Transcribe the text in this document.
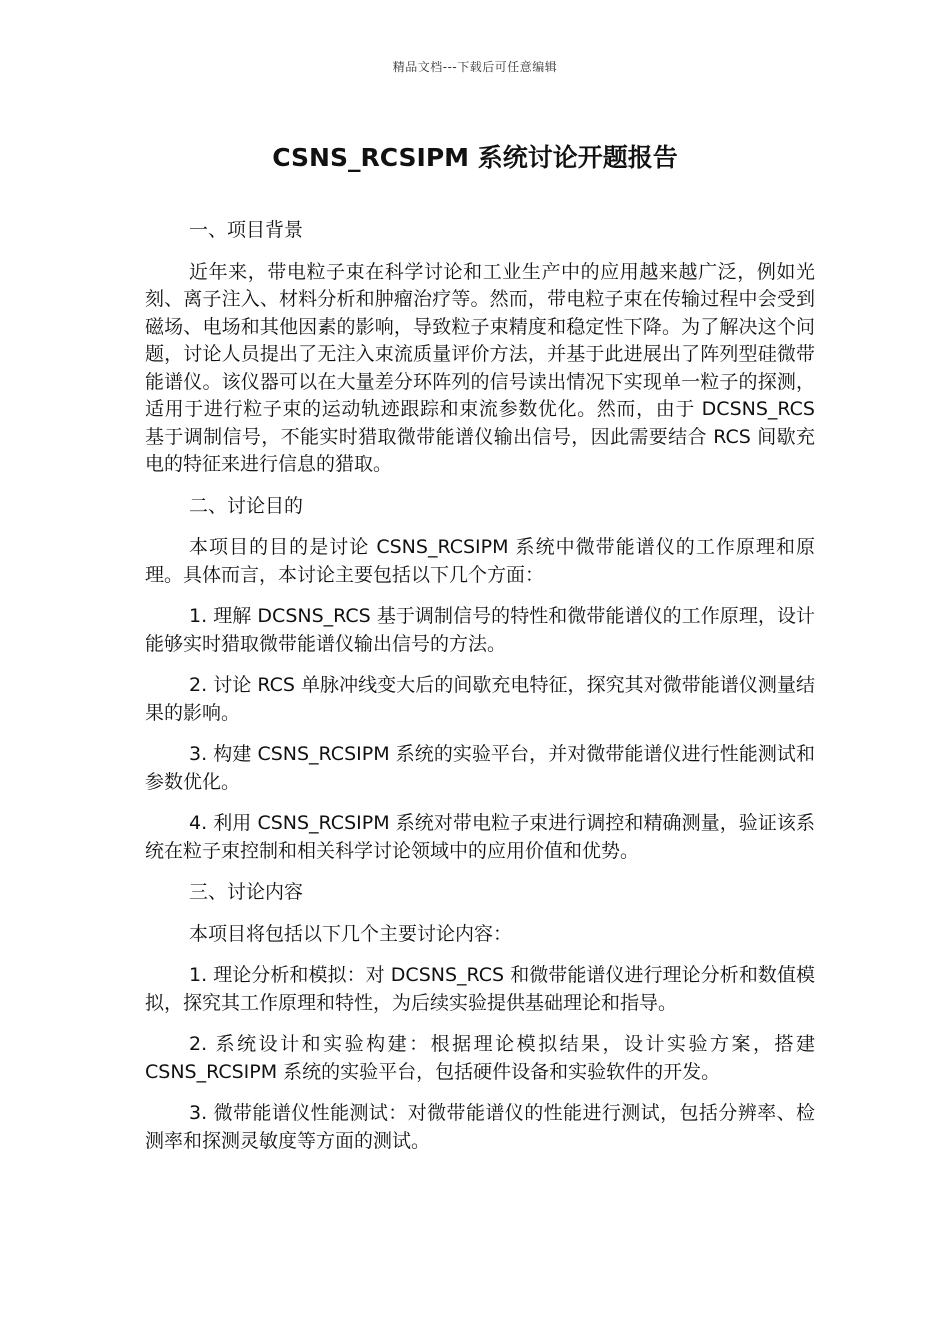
精品文档---下载后可任意编辑
CSNS_RCSIPM 系统讨论开题报告

一、项目背景

近年来，带电粒子束在科学讨论和工业生产中的应用越来越广泛，例如光刻、离子注入、材料分析和肿瘤治疗等。然而，带电粒子束在传输过程中会受到磁场、电场和其他因素的影响，导致粒子束精度和稳定性下降。为了解决这个问题，讨论人员提出了无注入束流质量评价方法，并基于此进展出了阵列型硅微带能谱仪。该仪器可以在大量差分环阵列的信号读出情况下实现单一粒子的探测，适用于进行粒子束的运动轨迹跟踪和束流参数优化。然而，由于 DCSNS_RCS 基于调制信号，不能实时猎取微带能谱仪输出信号，因此需要结合 RCS 间歇充电的特征来进行信息的猎取。

二、讨论目的

本项目的目的是讨论 CSNS_RCSIPM 系统中微带能谱仪的工作原理和原理。具体而言，本讨论主要包括以下几个方面：

1. 理解 DCSNS_RCS 基于调制信号的特性和微带能谱仪的工作原理，设计能够实时猎取微带能谱仪输出信号的方法。

2. 讨论 RCS 单脉冲线变大后的间歇充电特征，探究其对微带能谱仪测量结果的影响。

3. 构建 CSNS_RCSIPM 系统的实验平台，并对微带能谱仪进行性能测试和参数优化。

4. 利用 CSNS_RCSIPM 系统对带电粒子束进行调控和精确测量，验证该系统在粒子束控制和相关科学讨论领域中的应用价值和优势。

三、讨论内容

本项目将包括以下几个主要讨论内容：

1. 理论分析和模拟：对 DCSNS_RCS 和微带能谱仪进行理论分析和数值模拟，探究其工作原理和特性，为后续实验提供基础理论和指导。

2. 系统设计和实验构建：根据理论模拟结果，设计实验方案，搭建 CSNS_RCSIPM 系统的实验平台，包括硬件设备和实验软件的开发。

3. 微带能谱仪性能测试：对微带能谱仪的性能进行测试，包括分辨率、检测率和探测灵敏度等方面的测试。
